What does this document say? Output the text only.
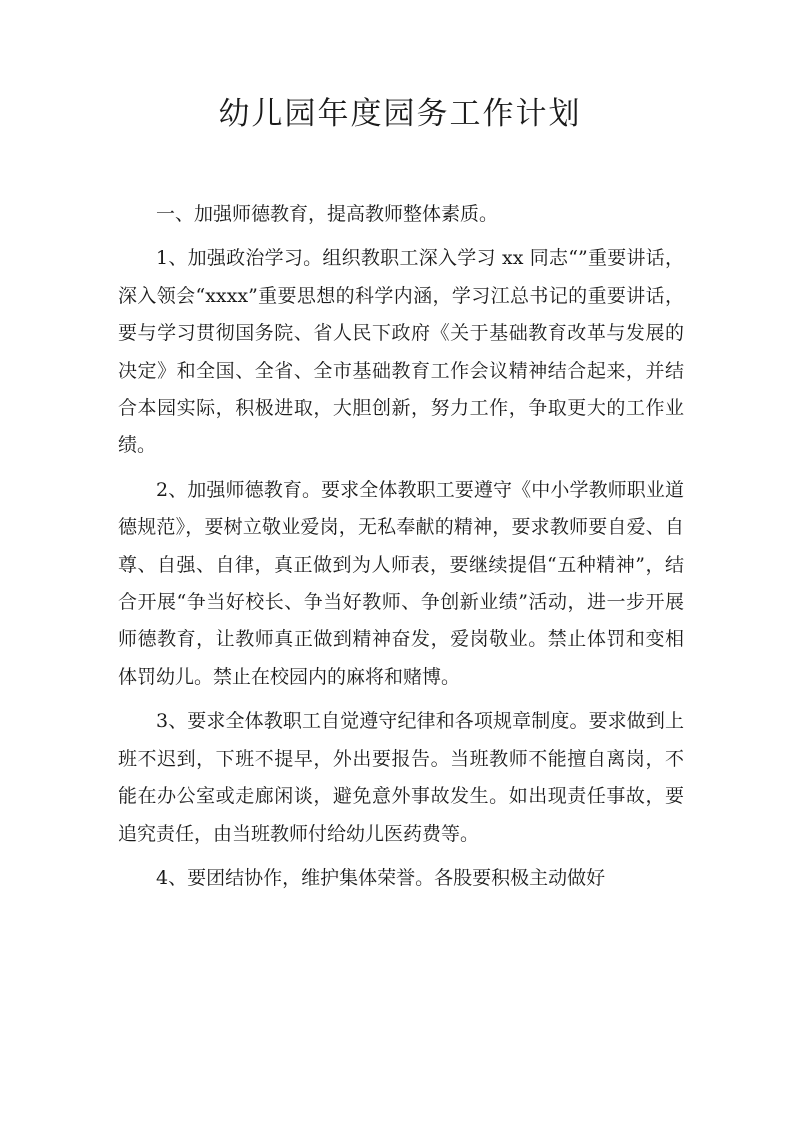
幼儿园年度园务工作计划

一、加强师德教育，提高教师整体素质。

1、加强政治学习。组织教职工深入学习 xx 同志“”重要讲话，深入领会“xxxx”重要思想的科学内涵，学习江总书记的重要讲话，要与学习贯彻国务院、省人民下政府《关于基础教育改革与发展的决定》和全国、全省、全市基础教育工作会议精神结合起来，并结合本园实际，积极进取，大胆创新，努力工作，争取更大的工作业绩。

2、加强师德教育。要求全体教职工要遵守《中小学教师职业道德规范》，要树立敬业爱岗，无私奉献的精神，要求教师要自爱、自尊、自强、自律，真正做到为人师表，要继续提倡“五种精神”，结合开展“争当好校长、争当好教师、争创新业绩”活动，进一步开展师德教育，让教师真正做到精神奋发，爱岗敬业。禁止体罚和变相体罚幼儿。禁止在校园内的麻将和赌博。

3、要求全体教职工自觉遵守纪律和各项规章制度。要求做到上班不迟到，下班不提早，外出要报告。当班教师不能擅自离岗，不能在办公室或走廊闲谈，避免意外事故发生。如出现责任事故，要追究责任，由当班教师付给幼儿医药费等。

4、要团结协作，维护集体荣誉。各股要积极主动做好
